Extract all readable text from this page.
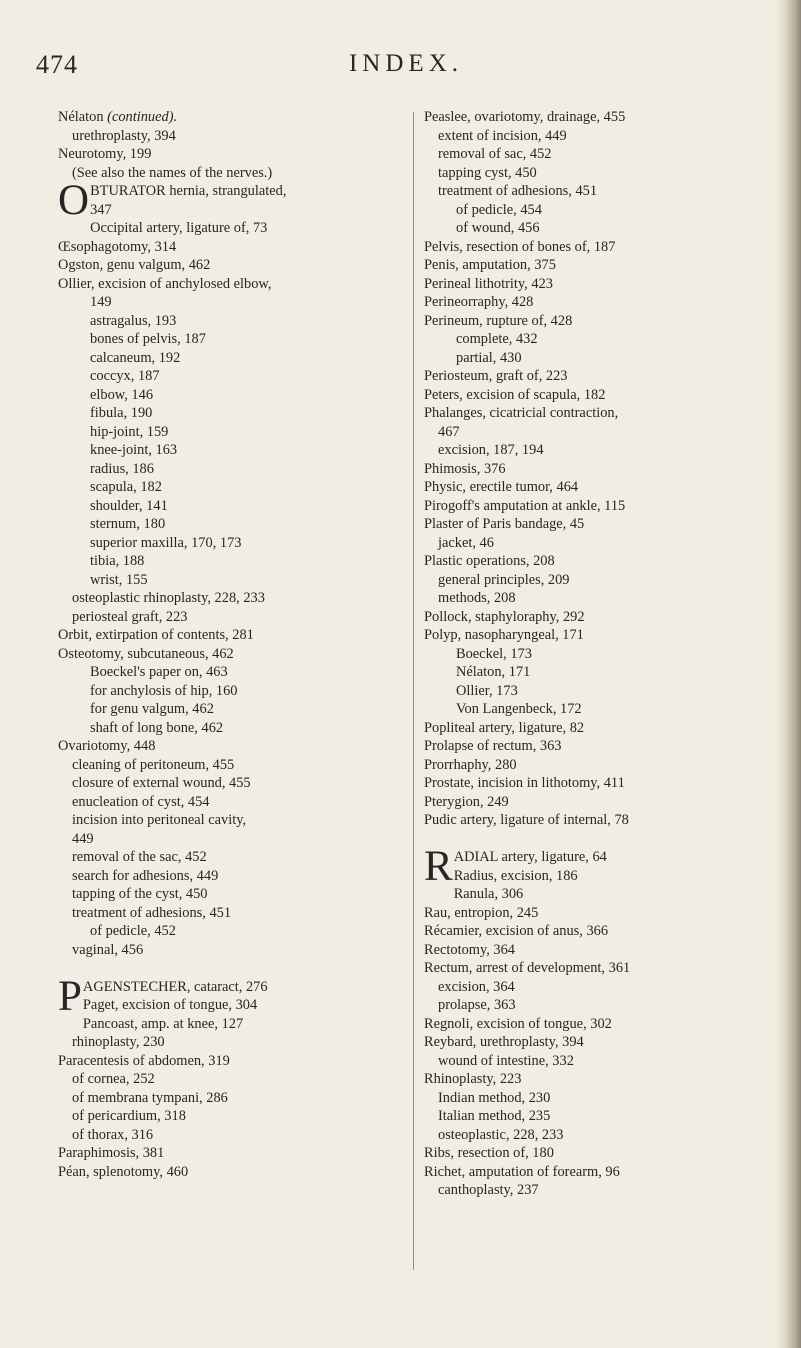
474	INDEX.
Nélaton (continued).
urethroplasty, 394
Neurotomy, 199
(See also the names of the nerves.)
O BTURATOR hernia, strangulated,
347
Occipital artery, ligature of, 73
Œsophagotomy, 314
Ogston, genu valgum, 462
Ollier, excision of anchylosed elbow,
149
astragalus, 193
bones of pelvis, 187
calcaneum, 192
coccyx, 187
elbow, 146
fibula, 190
hip-joint, 159
knee-joint, 163
radius, 186
scapula, 182
shoulder, 141
sternum, 180
superior maxilla, 170, 173
tibia, 188
wrist, 155
osteoplastic rhinoplasty, 228, 233
periosteal graft, 223
Orbit, extirpation of contents, 281
Osteotomy, subcutaneous, 462
Boeckel's paper on, 463
for anchylosis of hip, 160
for genu valgum, 462
shaft of long bone, 462
Ovariotomy, 448
cleaning of peritoneum, 455
closure of external wound, 455
enucleation of cyst, 454
incision into peritoneal cavity,
449
removal of the sac, 452
search for adhesions, 449
tapping of the cyst, 450
treatment of adhesions, 451
of pedicle, 452
vaginal, 456
P AGENSTECHER, cataract, 276
Paget, excision of tongue, 304
Pancoast, amp. at knee, 127
rhinoplasty, 230
Paracentesis of abdomen, 319
of cornea, 252
of membrana tympani, 286
of pericardium, 318
of thorax, 316
Paraphimosis, 381
Péan, splenotomy, 460
Peaslee, ovariotomy, drainage, 455
extent of incision, 449
removal of sac, 452
tapping cyst, 450
treatment of adhesions, 451
of pedicle, 454
of wound, 456
Pelvis, resection of bones of, 187
Penis, amputation, 375
Perineal lithotrity, 423
Perineorraphy, 428
Perineum, rupture of, 428
complete, 432
partial, 430
Periosteum, graft of, 223
Peters, excision of scapula, 182
Phalanges, cicatricial contraction,
467
excision, 187, 194
Phimosis, 376
Physic, erectile tumor, 464
Pirogoff's amputation at ankle, 115
Plaster of Paris bandage, 45
jacket, 46
Plastic operations, 208
general principles, 209
methods, 208
Pollock, staphyloraphy, 292
Polyp, nasopharyngeal, 171
Boeckel, 173
Nélaton, 171
Ollier, 173
Von Langenbeck, 172
Popliteal artery, ligature, 82
Prolapse of rectum, 363
Prorrhaphy, 280
Prostate, incision in lithotomy, 411
Pterygion, 249
Pudic artery, ligature of internal, 78
R ADIAL artery, ligature, 64
Radius, excision, 186
Ranula, 306
Rau, entropion, 245
Récamier, excision of anus, 366
Rectotomy, 364
Rectum, arrest of development, 361
excision, 364
prolapse, 363
Regnoli, excision of tongue, 302
Reybard, urethroplasty, 394
wound of intestine, 332
Rhinoplasty, 223
Indian method, 230
Italian method, 235
osteoplastic, 228, 233
Ribs, resection of, 180
Richet, amputation of forearm, 96
canthoplasty, 237
